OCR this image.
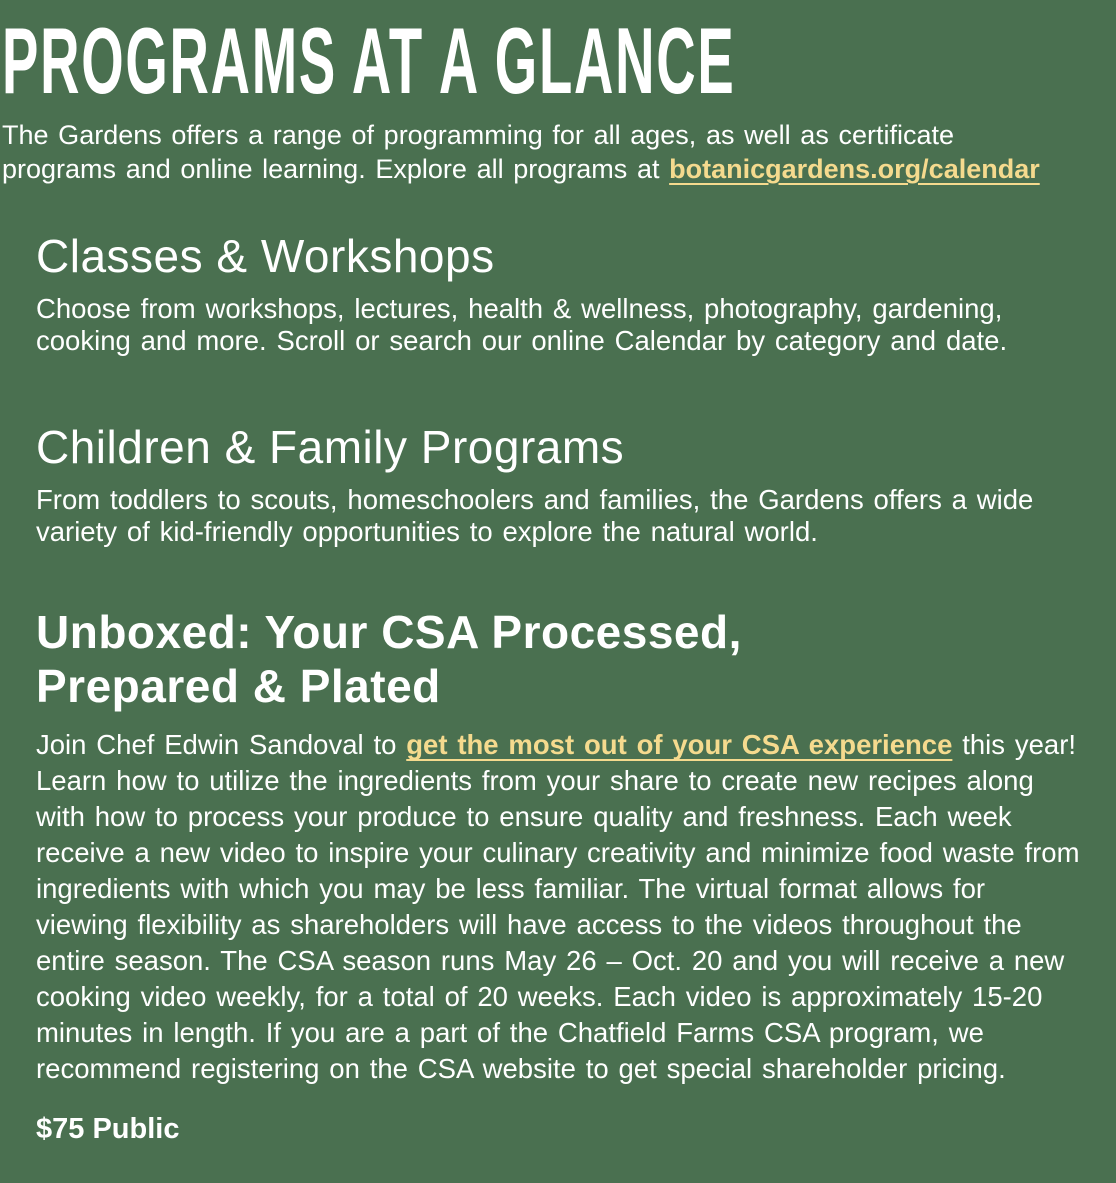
PROGRAMS AT A GLANCE

The Gardens offers a range of programming for all ages, as well as certificate
programs and online learning. Explore all programs at botanicgardens.org/calendar

Classes & Workshops

Choose from workshops, lectures, health & wellness, photography, gardening, cooking and more. Scroll or search our online Calendar by category and date.

Children & Family Programs

From toddlers to scouts, homeschoolers and families, the Gardens offers a wide variety of kid-friendly opportunities to explore the natural world.

Unboxed: Your CSA Processed, Prepared & Plated

Join Chef Edwin Sandoval to get the most out of your CSA experience this year! Learn how to utilize the ingredients from your share to create new recipes along with how to process your produce to ensure quality and freshness. Each week receive a new video to inspire your culinary creativity and minimize food waste from ingredients with which you may be less familiar. The virtual format allows for viewing flexibility as shareholders will have access to the videos throughout the entire season. The CSA season runs May 26 – Oct. 20 and you will receive a new cooking video weekly, for a total of 20 weeks. Each video is approximately 15-20 minutes in length. If you are a part of the Chatfield Farms CSA program, we recommend registering on the CSA website to get special shareholder pricing.

$75 Public
